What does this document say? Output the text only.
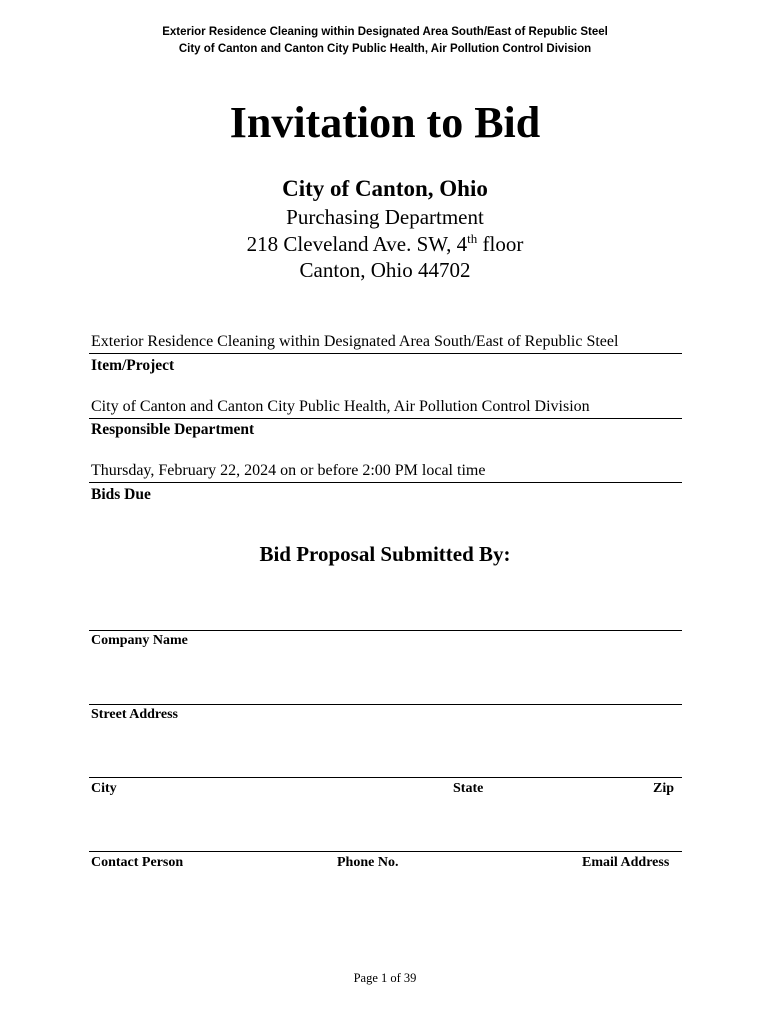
Exterior Residence Cleaning within Designated Area South/East of Republic Steel
City of Canton and Canton City Public Health, Air Pollution Control Division
Invitation to Bid
City of Canton, Ohio
Purchasing Department
218 Cleveland Ave. SW, 4th floor
Canton, Ohio 44702
Exterior Residence Cleaning within Designated Area South/East of Republic Steel
Item/Project
City of Canton and Canton City Public Health, Air Pollution Control Division
Responsible Department
Thursday, February 22, 2024 on or before 2:00 PM local time
Bids Due
Bid Proposal Submitted By:
Company Name
Street Address
City	State	Zip
Contact Person	Phone No.	Email Address
Page 1 of 39
